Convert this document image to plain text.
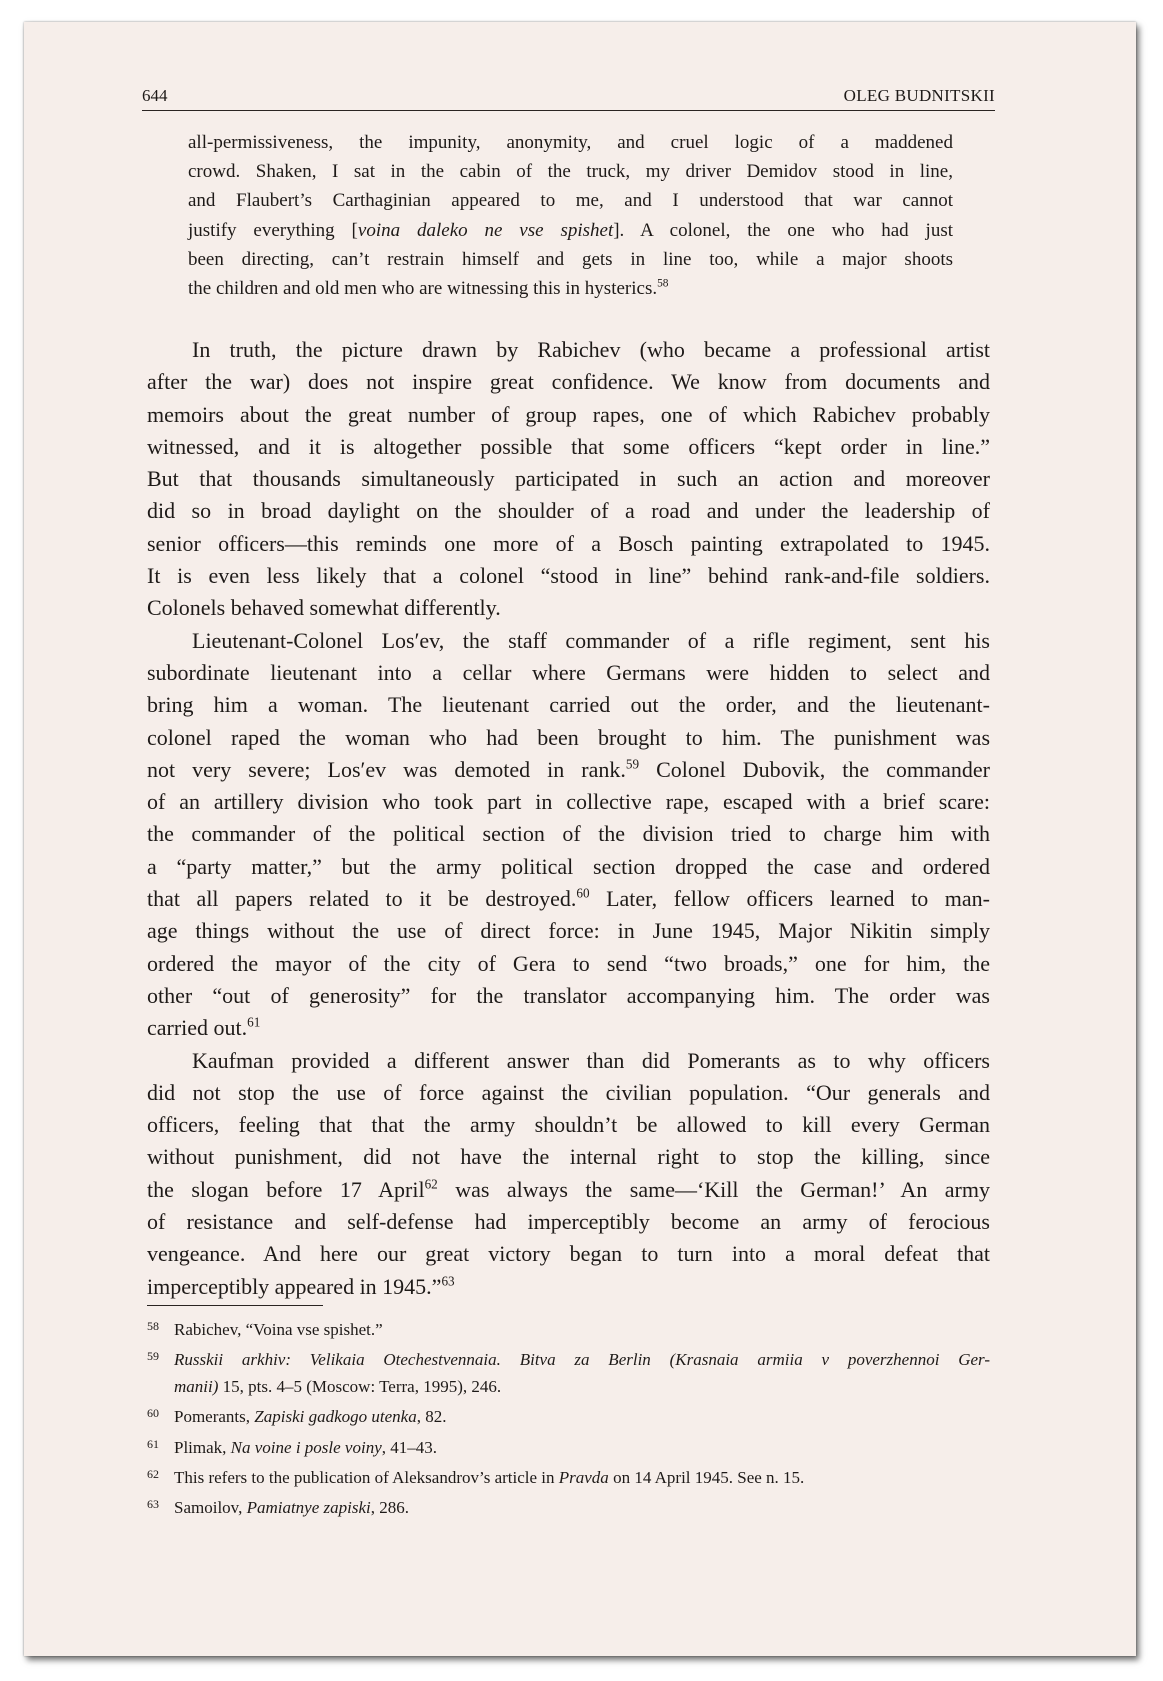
644	OLEG BUDNITSKII
all-permissiveness, the impunity, anonymity, and cruel logic of a maddened
crowd. Shaken, I sat in the cabin of the truck, my driver Demidov stood in line,
and Flaubert’s Carthaginian appeared to me, and I understood that war cannot
justify everything [voina daleko ne vse spishet]. A colonel, the one who had just
been directing, can’t restrain himself and gets in line too, while a major shoots
the children and old men who are witnessing this in hysterics.$^{58}$
In truth, the picture drawn by Rabichev (who became a professional artist
after the war) does not inspire great confidence. We know from documents and
memoirs about the great number of group rapes, one of which Rabichev probably
witnessed, and it is altogether possible that some officers “kept order in line.”
But that thousands simultaneously participated in such an action and moreover
did so in broad daylight on the shoulder of a road and under the leadership of
senior officers—this reminds one more of a Bosch painting extrapolated to 1945.
It is even less likely that a colonel “stood in line” behind rank-and-file soldiers.
Colonels behaved somewhat differently.
Lieutenant-Colonel Los′ev, the staff commander of a rifle regiment, sent his
subordinate lieutenant into a cellar where Germans were hidden to select and
bring him a woman. The lieutenant carried out the order, and the lieutenant-
colonel raped the woman who had been brought to him. The punishment was
not very severe; Los′ev was demoted in rank.$^{59}$ Colonel Dubovik, the commander
of an artillery division who took part in collective rape, escaped with a brief scare:
the commander of the political section of the division tried to charge him with
a “party matter,” but the army political section dropped the case and ordered
that all papers related to it be destroyed.$^{60}$ Later, fellow officers learned to man-
age things without the use of direct force: in June 1945, Major Nikitin simply
ordered the mayor of the city of Gera to send “two broads,” one for him, the
other “out of generosity” for the translator accompanying him. The order was
carried out.$^{61}$
Kaufman provided a different answer than did Pomerants as to why officers
did not stop the use of force against the civilian population. “Our generals and
officers, feeling that that the army shouldn’t be allowed to kill every German
without punishment, did not have the internal right to stop the killing, since
the slogan before 17 April$^{62}$ was always the same—‘Kill the German!’ An army
of resistance and self-defense had imperceptibly become an army of ferocious
vengeance. And here our great victory began to turn into a moral defeat that
imperceptibly appeared in 1945.”$^{63}$
58 Rabichev, “Voina vse spishet.”
59 Russkii arkhiv: Velikaia Otechestvennaia. Bitva za Berlin (Krasnaia armiia v poverzhennoi Ger-
manii) 15, pts. 4–5 (Moscow: Terra, 1995), 246.
60 Pomerants, Zapiski gadkogo utenka, 82.
61 Plimak, Na voine i posle voiny, 41–43.
62 This refers to the publication of Aleksandrov’s article in Pravda on 14 April 1945. See n. 15.
63 Samoilov, Pamiatnye zapiski, 286.
